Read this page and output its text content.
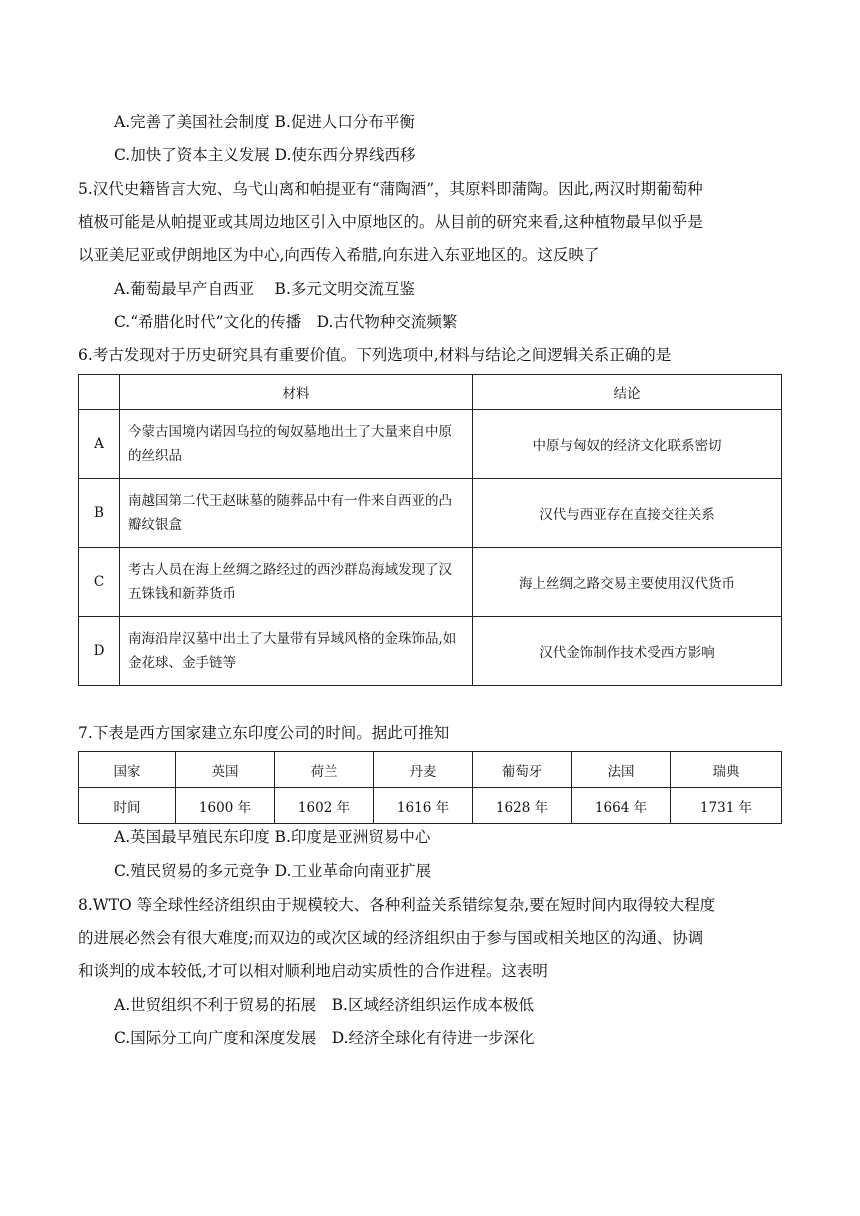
A.完善了美国社会制度 B.促进人口分布平衡
C.加快了资本主义发展 D.使东西分界线西移
5.汉代史籍皆言大宛、乌弋山离和帕提亚有“蒲陶酒”，其原料即蒲陶。因此,两汉时期葡萄种
植极可能是从帕提亚或其周边地区引入中原地区的。从目前的研究来看,这种植物最早似乎是
以亚美尼亚或伊朗地区为中心,向西传入希腊,向东进入东亚地区的。这反映了
A.葡萄最早产自西亚　 B.多元文明交流互鉴
C.“希腊化时代”文化的传播　D.古代物种交流频繁
6.考古发现对于历史研究具有重要价值。下列选项中,材料与结论之间逻辑关系正确的是
	材料	结论
A	今蒙古国境内诺因乌拉的匈奴墓地出土了大量来自中原的丝织品	中原与匈奴的经济文化联系密切
B	南越国第二代王赵昧墓的随葬品中有一件来自西亚的凸瓣纹银盒	汉代与西亚存在直接交往关系
C	考古人员在海上丝绸之路经过的西沙群岛海域发现了汉五铢钱和新莽货币	海上丝绸之路交易主要使用汉代货币
D	南海沿岸汉墓中出土了大量带有异域风格的金珠饰品,如金花球、金手链等	汉代金饰制作技术受西方影响
7.下表是西方国家建立东印度公司的时间。据此可推知
国家	英国	荷兰	丹麦	葡萄牙	法国	瑞典
时间	1600 年	1602 年	1616 年	1628 年	1664 年	1731 年
A.英国最早殖民东印度 B.印度是亚洲贸易中心
C.殖民贸易的多元竞争 D.工业革命向南亚扩展
8.WTO 等全球性经济组织由于规模较大、各种利益关系错综复杂,要在短时间内取得较大程度
的进展必然会有很大难度;而双边的或次区域的经济组织由于参与国或相关地区的沟通、协调
和谈判的成本较低,才可以相对顺利地启动实质性的合作进程。这表明
A.世贸组织不利于贸易的拓展　B.区域经济组织运作成本极低
C.国际分工向广度和深度发展　D.经济全球化有待进一步深化
